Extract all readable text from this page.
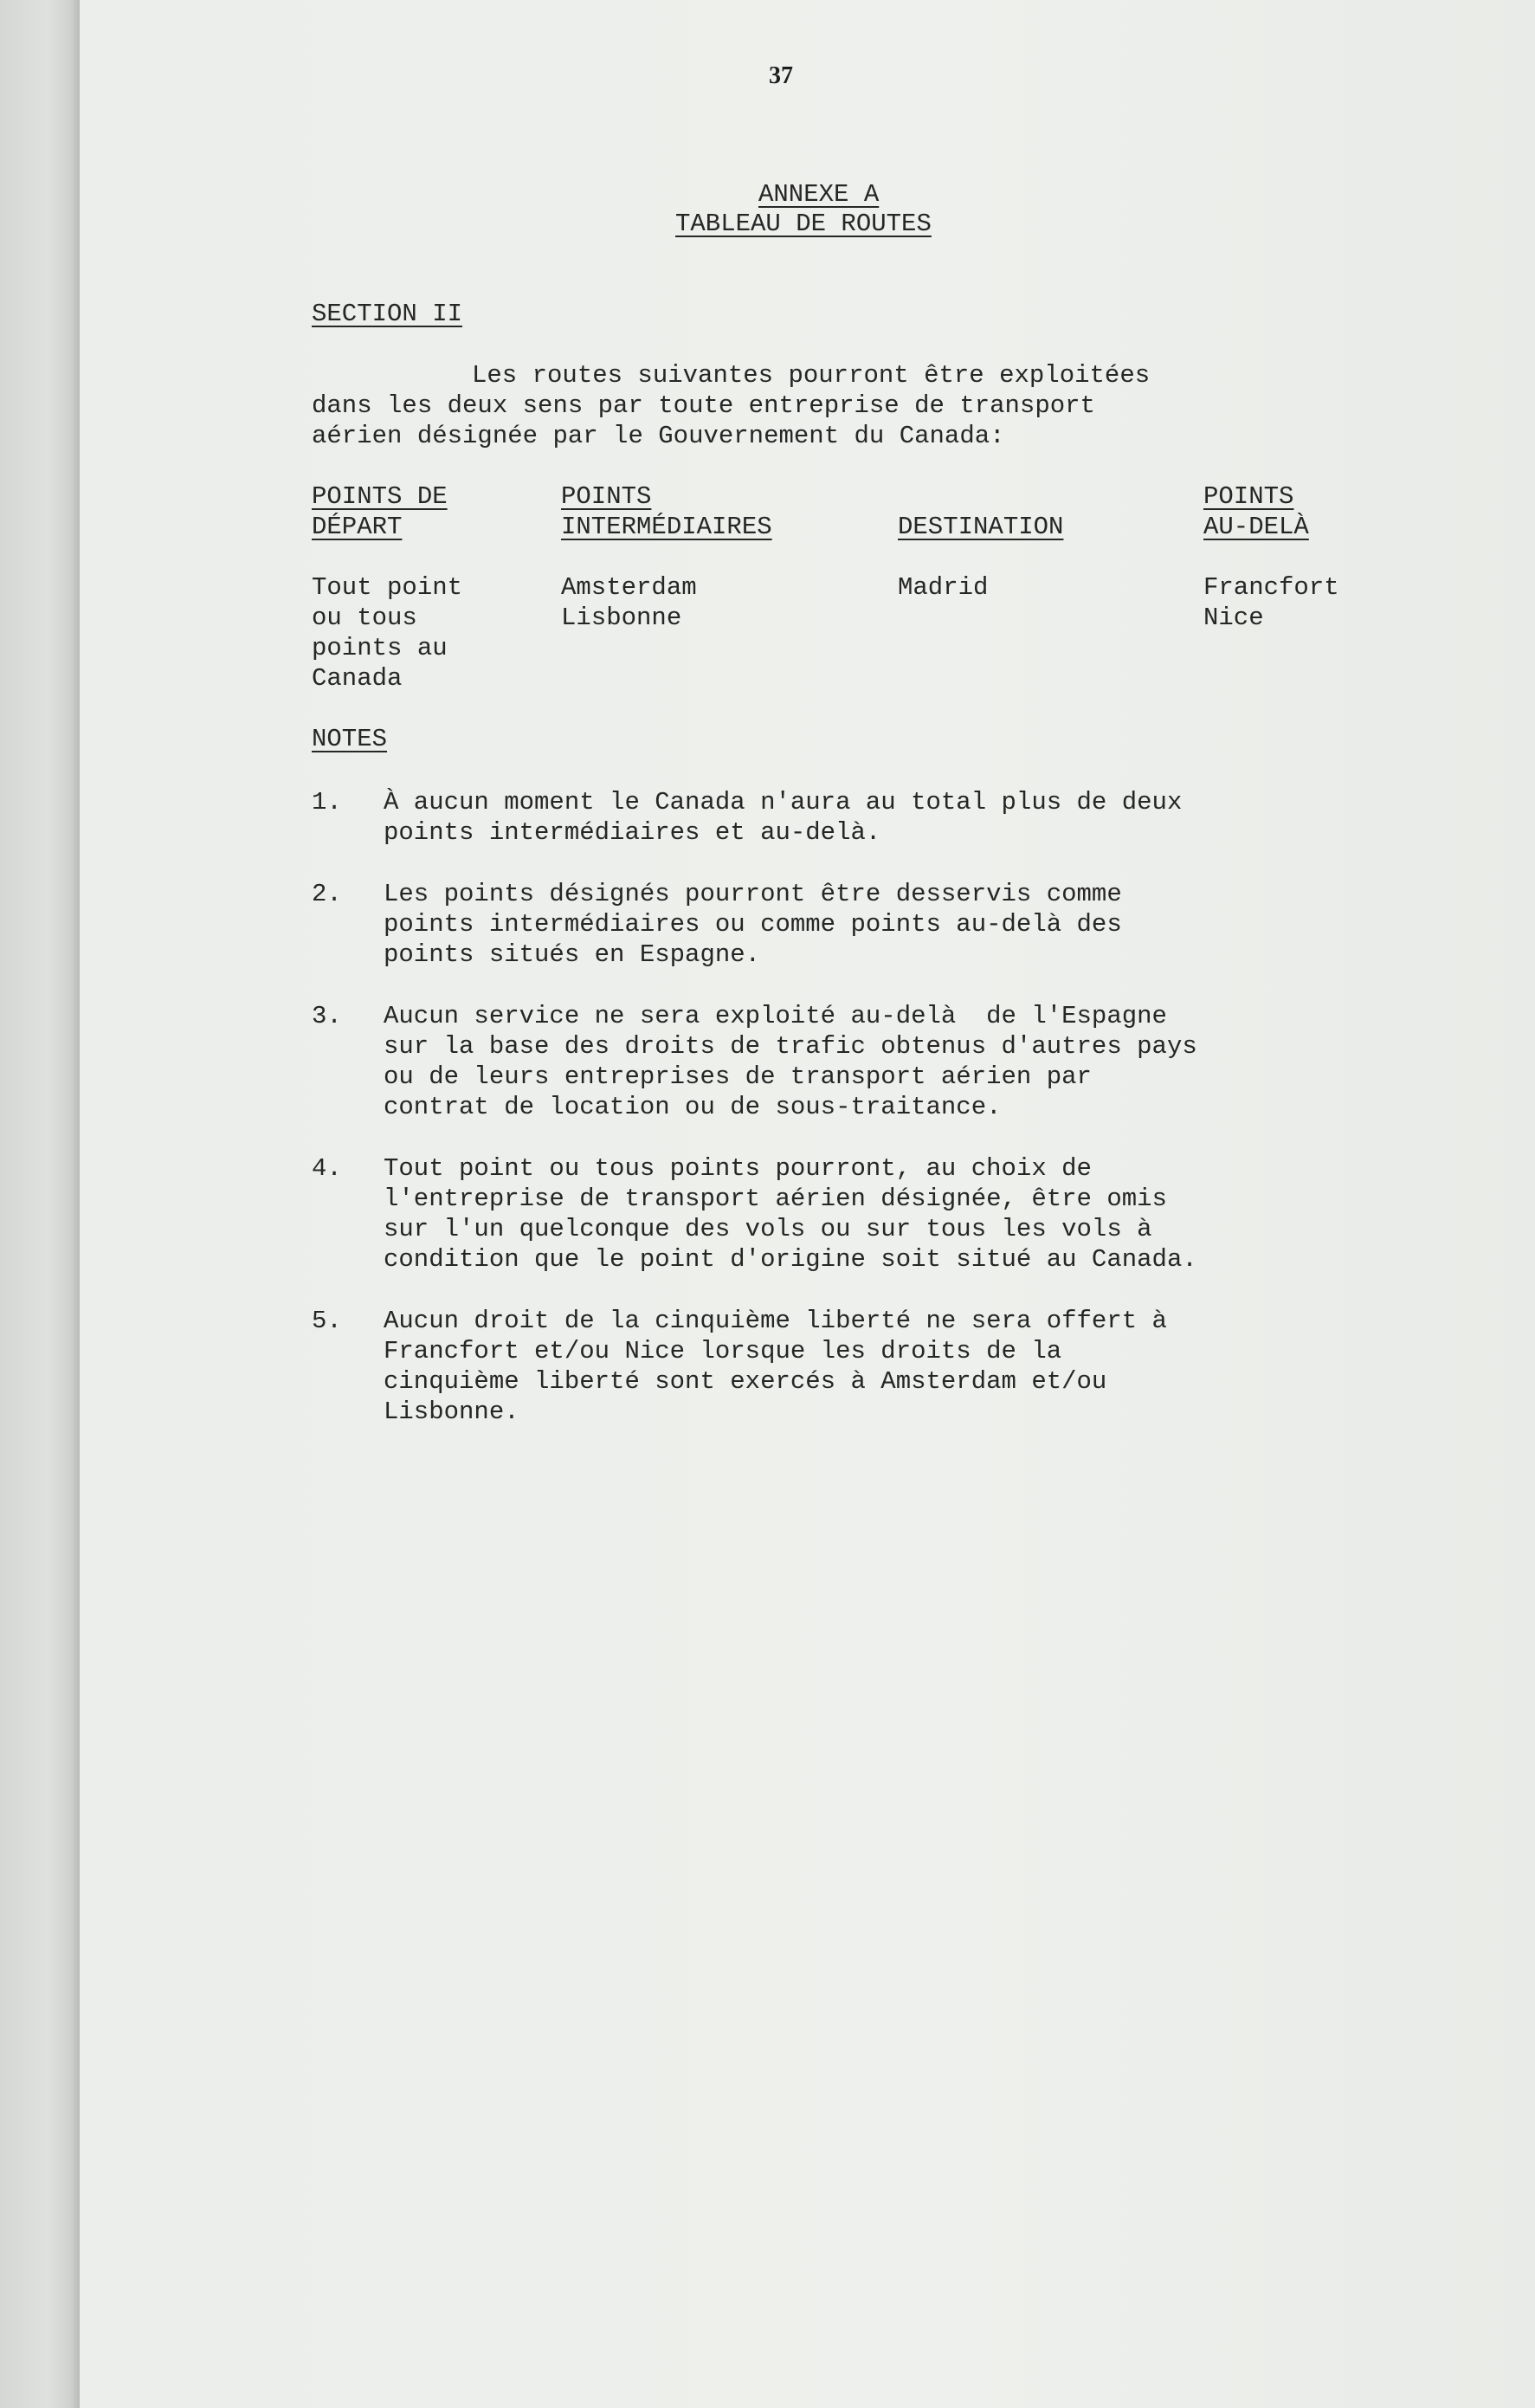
37
ANNEXE A
TABLEAU DE ROUTES
SECTION II
Les routes suivantes pourront être exploitées
dans les deux sens par toute entreprise de transport
aérien désignée par le Gouvernement du Canada:
POINTS DE
DÉPART
POINTS
INTERMÉDIAIRES	DESTINATION
POINTS
AU-DELÀ
Tout point
ou tous
points au
Canada
Amsterdam
Lisbonne
Madrid	Francfort
Nice
NOTES
1. À aucun moment le Canada n'aura au total plus de deux
points intermédiaires et au-delà.
2. Les points désignés pourront être desservis comme
points intermédiaires ou comme points au-delà des
points situés en Espagne.
3. Aucun service ne sera exploité au-delà  de l'Espagne
sur la base des droits de trafic obtenus d'autres pays
ou de leurs entreprises de transport aérien par
contrat de location ou de sous-traitance.
4. Tout point ou tous points pourront, au choix de
l'entreprise de transport aérien désignée, être omis
sur l'un quelconque des vols ou sur tous les vols à
condition que le point d'origine soit situé au Canada.
5. Aucun droit de la cinquième liberté ne sera offert à
Francfort et/ou Nice lorsque les droits de la
cinquième liberté sont exercés à Amsterdam et/ou
Lisbonne.
